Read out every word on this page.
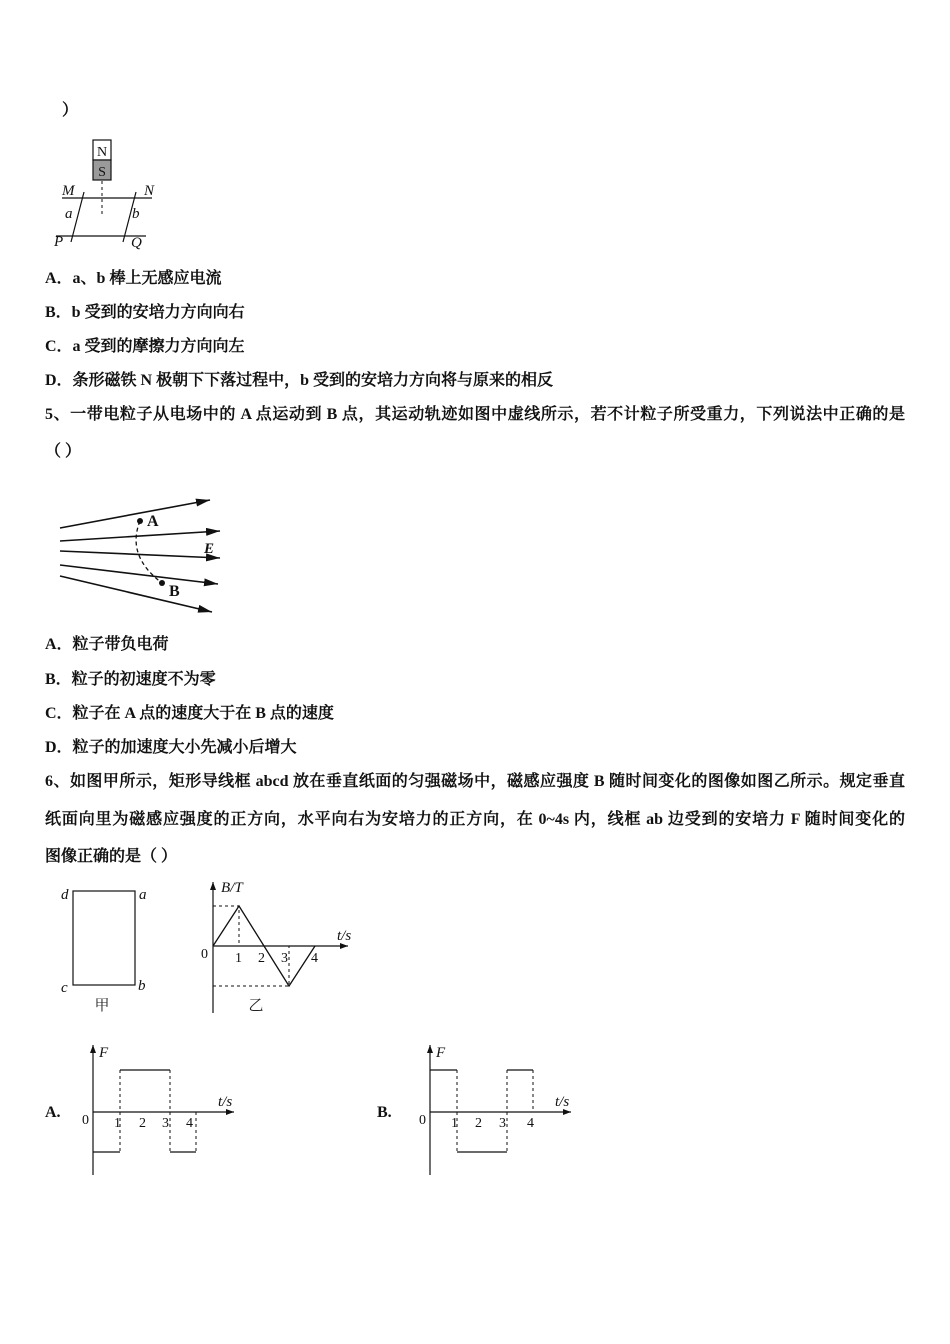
）
A．a、b 棒上无感应电流
B．b 受到的安培力方向向右
C．a 受到的摩擦力方向向左
D．条形磁铁 N 极朝下下落过程中，b 受到的安培力方向将与原来的相反
5、一带电粒子从电场中的 A 点运动到 B 点，其运动轨迹如图中虚线所示，若不计粒子所受重力，下列说法中正确的是
（ ）
A．粒子带负电荷
B．粒子的初速度不为零
C．粒子在 A 点的速度大于在 B 点的速度
D．粒子的加速度大小先减小后增大
6、如图甲所示，矩形导线框 abcd 放在垂直纸面的匀强磁场中，磁感应强度 B 随时间变化的图像如图乙所示。规定垂直
纸面向里为磁感应强度的正方向，水平向右为安培力的正方向，在 0~4s 内，线框 ab 边受到的安培力 F 随时间变化的
图像正确的是（ ）
N
S
M	N
a	b
P	Q
A
B
E
d	a
c	b
甲
B/T
t/s
0 1 2 3 4
乙
A.
F
t/s
0 1 2 3 4
B.
F
t/s
0 1 2 3 4
